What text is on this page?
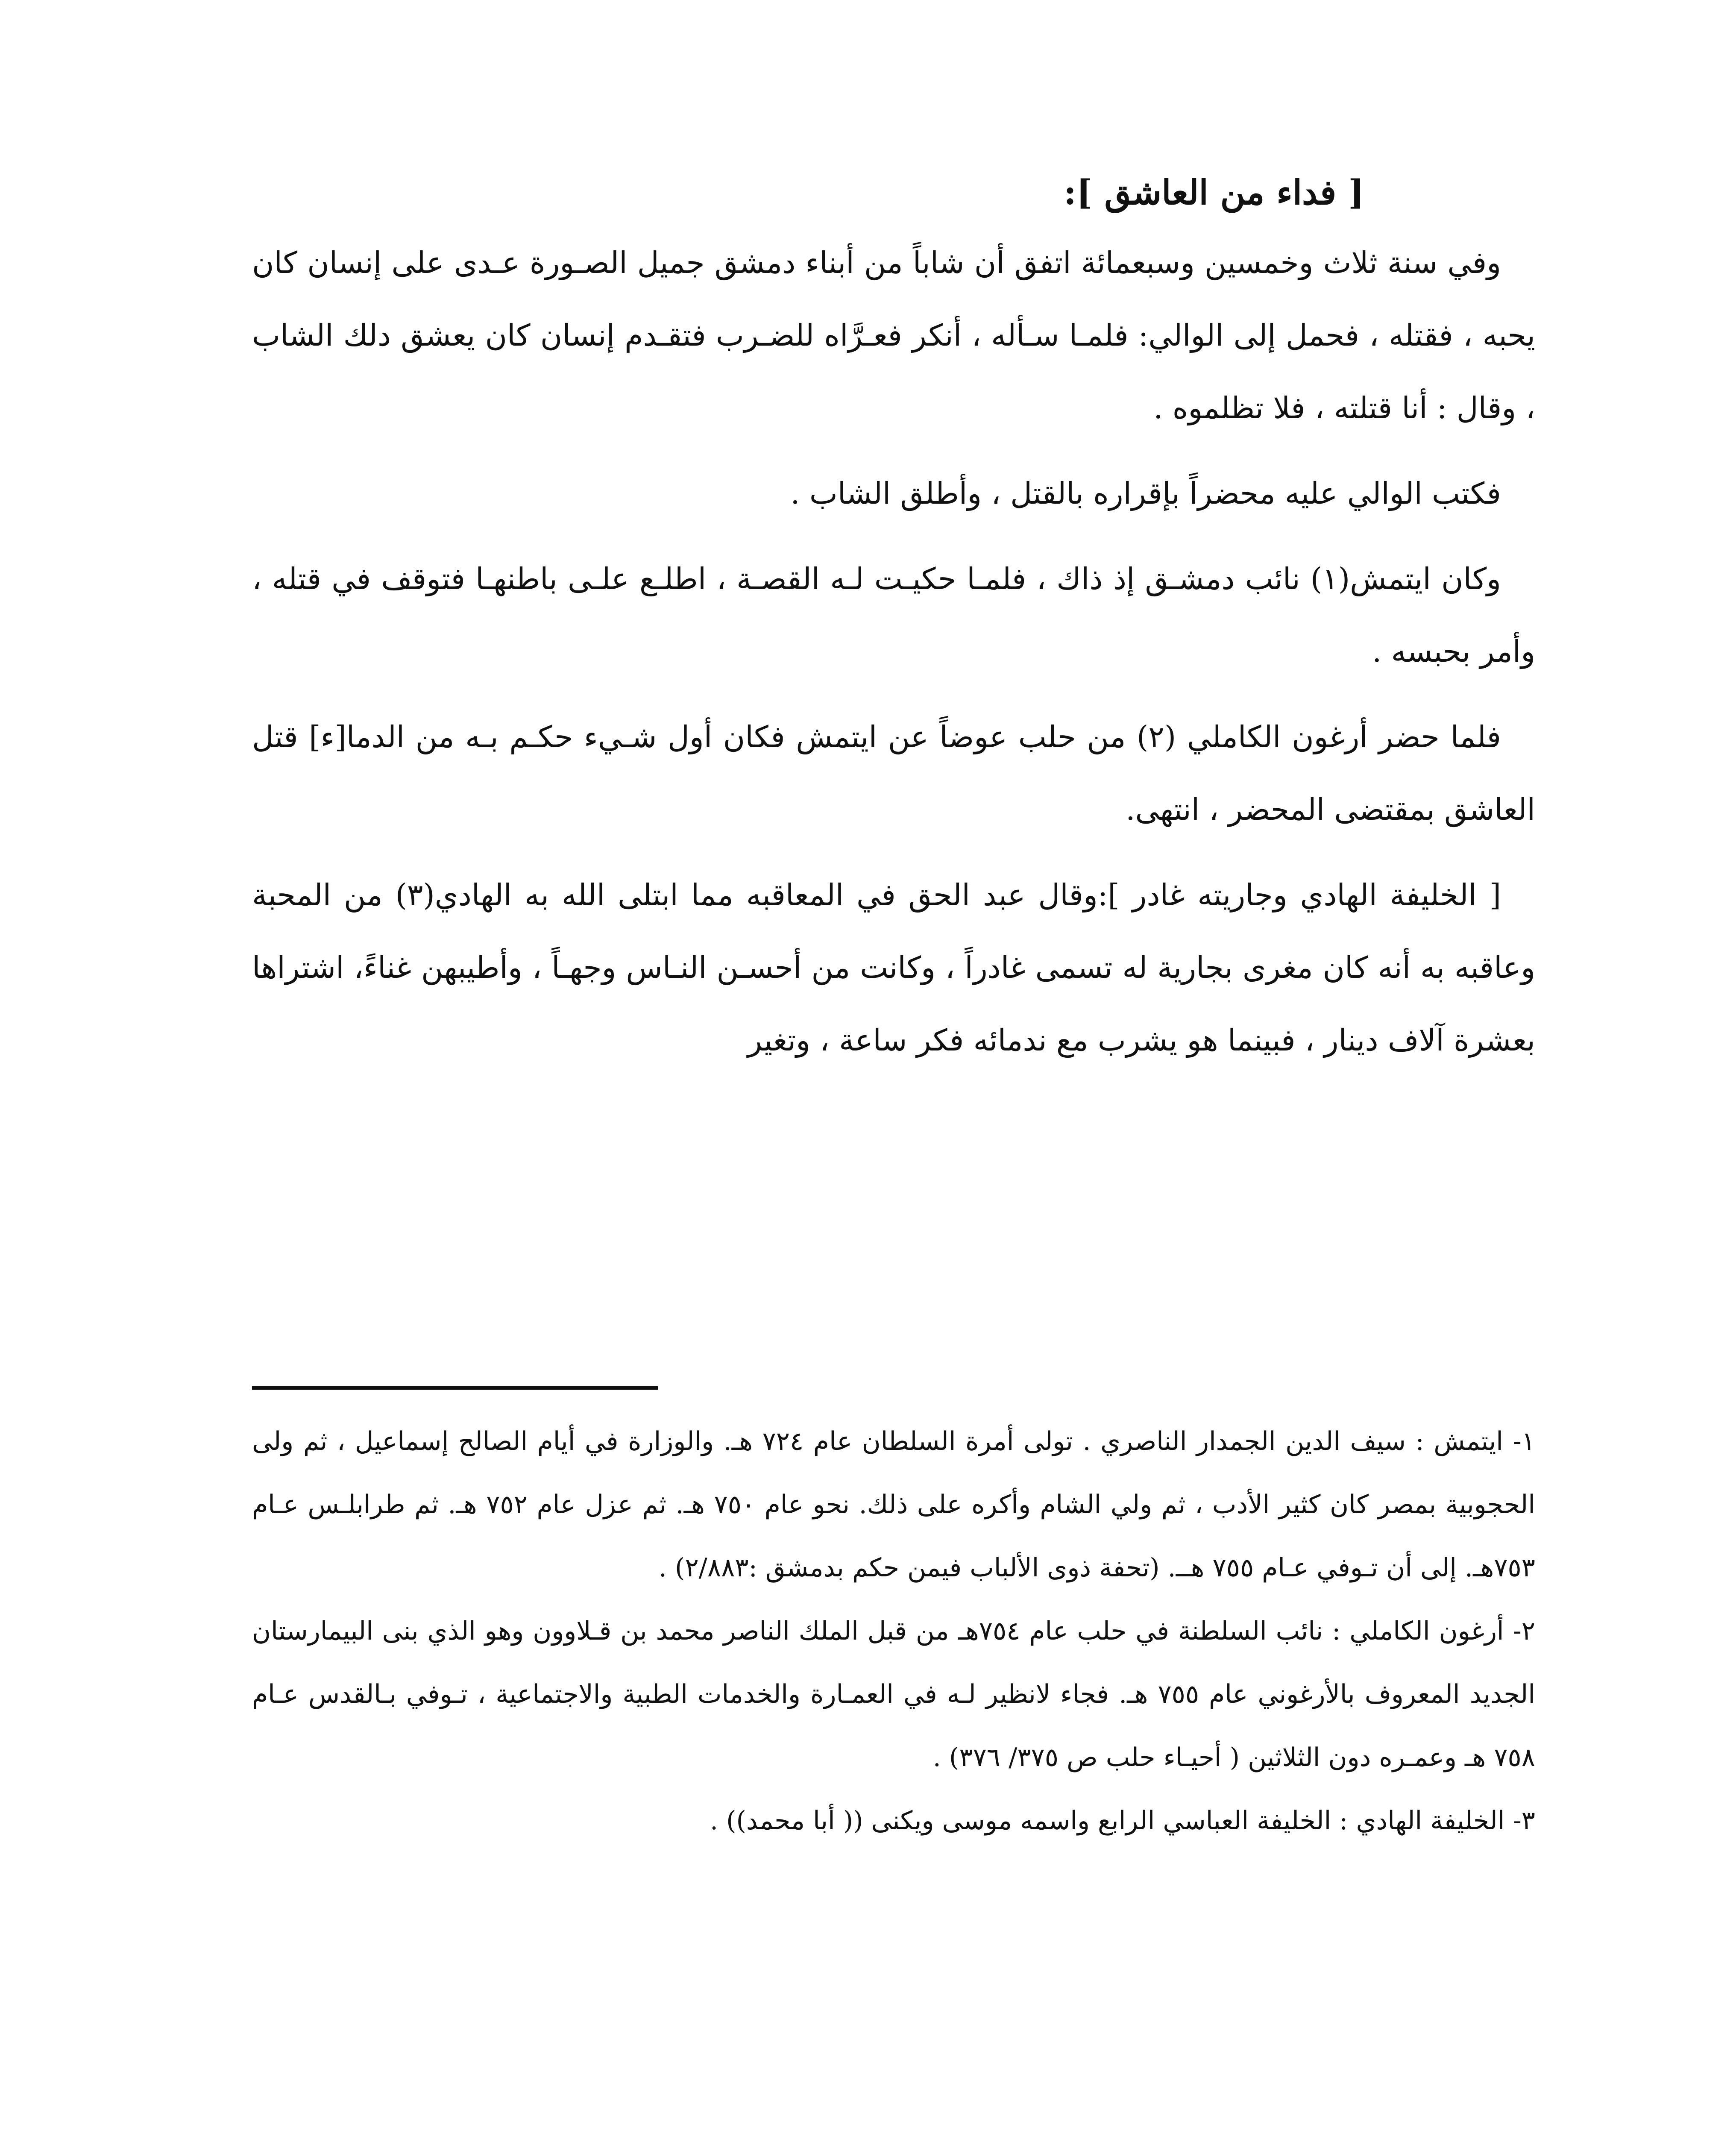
[ فداء من العاشق ]:

وفي سنة ثلاث وخمسين وسبعمائة اتفق أن شاباً من أبناء دمشق جميل الصـورة عـدى على إنسان كان يحبه ، فقتله ، فحمل إلى الوالي: فلمـا سـأله ، أنكر فعـرَّاه للضـرب فتقـدم إنسان كان يعشق دلك الشاب ، وقال : أنا قتلته ، فلا تظلموه .

فكتب الوالي عليه محضراً بإقراره بالقتل ، وأطلق الشاب .

وكان ايتمش(١) نائب دمشـق إذ ذاك ، فلمـا حكيـت لـه القصـة ، اطلـع علـى باطنهـا فتوقف في قتله ، وأمر بحبسه .

فلما حضر أرغون الكاملي (٢) من حلب عوضاً عن ايتمش فكان أول شـيء حكـم بـه من الدما[ء] قتل العاشق بمقتضى المحضر ، انتهى.

[ الخليفة الهادي وجاريته غادر ]:وقال عبد الحق في المعاقبه مما ابتلى الله به الهادي(٣) من المحبة وعاقبه به أنه كان مغرى بجارية له تسمى غادراً ، وكانت من أحسـن النـاس وجهـاً ، وأطيبهن غناءً، اشتراها بعشرة آلاف دينار ، فبينما هو يشرب مع ندمائه فكر ساعة ، وتغير

١- ايتمش : سيف الدين الجمدار الناصري . تولى أمرة السلطان عام ٧٢٤ هـ. والوزارة في أيام الصالح إسماعيل ، ثم ولى الحجوبية بمصر كان كثير الأدب ، ثم ولي الشام وأكره على ذلك. نحو عام ٧٥٠ هـ. ثم عزل عام ٧٥٢ هـ. ثم طرابلـس عـام ٧٥٣هـ. إلى أن تـوفي عـام ٧٥٥ هــ. (تحفة ذوى الألباب فيمن حكم بدمشق :٢/٨٨٣) .

٢- أرغون الكاملي : نائب السلطنة في حلب عام ٧٥٤هـ من قبل الملك الناصر محمد بن قـلاوون وهو الذي بنى البيمارستان الجديد المعروف بالأرغوني عام ٧٥٥ هـ. فجاء لانظير لـه في العمـارة والخدمات الطبية والاجتماعية ، تـوفي بـالقدس عـام ٧٥٨ هـ وعمـره دون الثلاثين ( أحيـاء حلب ص ٣٧٥/ ٣٧٦) .

٣- الخليفة الهادي : الخليفة العباسي الرابع واسمه موسى ويكنى (( أبا محمد)) .
